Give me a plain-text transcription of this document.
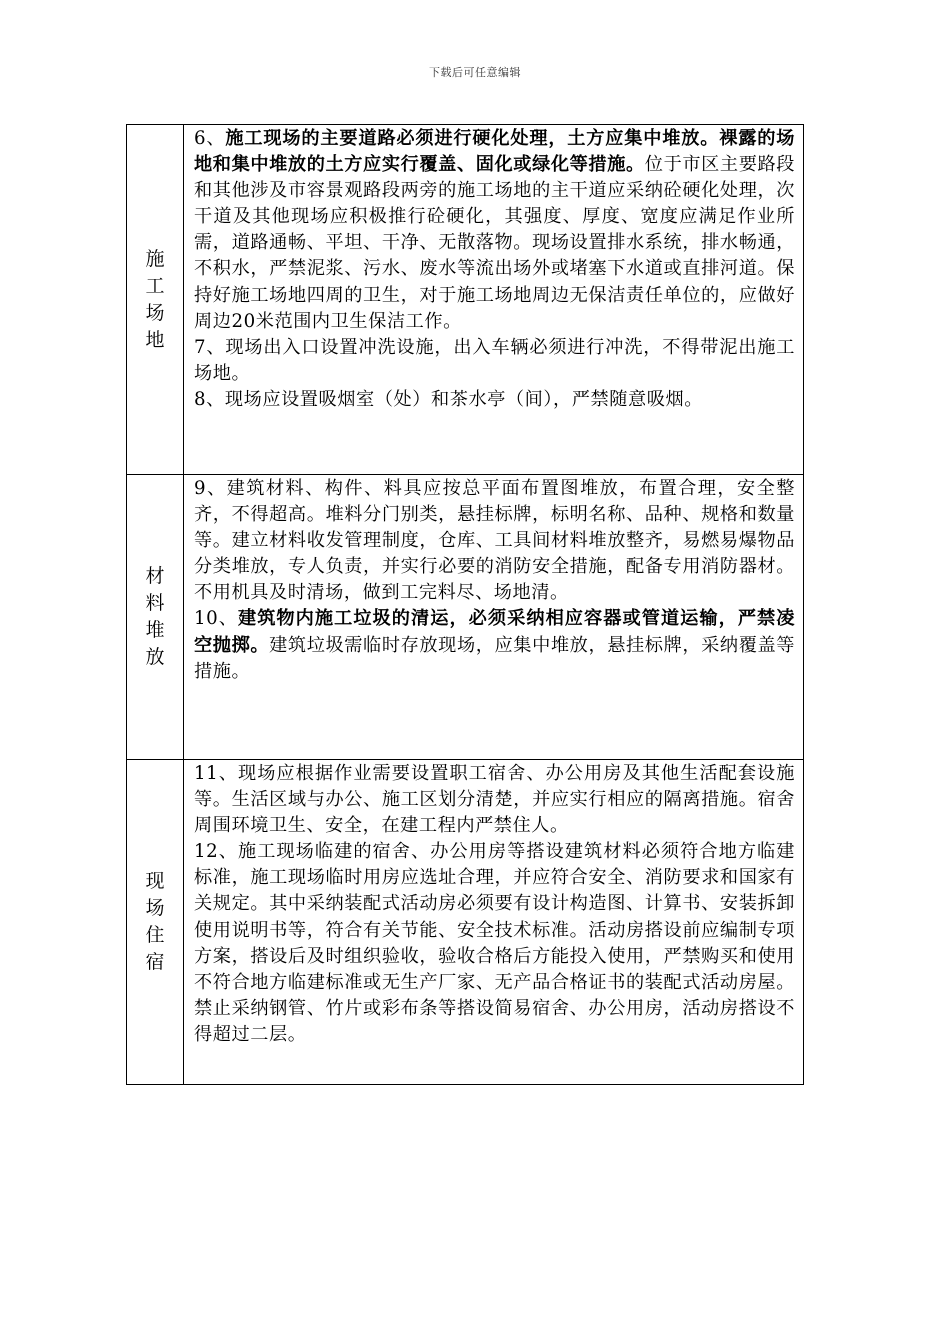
下载后可任意编辑
施工场地	6、施工现场的主要道路必须进行硬化处理，土方应集中堆放。裸露的场地和集中堆放的土方应实行覆盖、固化或绿化等措施。位于市区主要路段和其他涉及市容景观路段两旁的施工场地的主干道应采纳砼硬化处理，次干道及其他现场应积极推行砼硬化，其强度、厚度、宽度应满足作业所需，道路通畅、平坦、干净、无散落物。现场设置排水系统，排水畅通，不积水，严禁泥浆、污水、废水等流出场外或堵塞下水道或直排河道。保持好施工场地四周的卫生，对于施工场地周边无保洁责任单位的，应做好周边20米范围内卫生保洁工作。

7、现场出入口设置冲洗设施，出入车辆必须进行冲洗，不得带泥出施工场地。

8、现场应设置吸烟室（处）和茶水亭（间），严禁随意吸烟。

材料堆放	9、建筑材料、构件、料具应按总平面布置图堆放，布置合理，安全整齐，不得超高。堆料分门别类，悬挂标牌，标明名称、品种、规格和数量等。建立材料收发管理制度，仓库、工具间材料堆放整齐，易燃易爆物品分类堆放，专人负责，并实行必要的消防安全措施，配备专用消防器材。不用机具及时清场，做到工完料尽、场地清。

10、建筑物内施工垃圾的清运，必须采纳相应容器或管道运输，严禁凌空抛掷。建筑垃圾需临时存放现场，应集中堆放，悬挂标牌，采纳覆盖等措施。

现场住宿	11、现场应根据作业需要设置职工宿舍、办公用房及其他生活配套设施等。生活区域与办公、施工区划分清楚，并应实行相应的隔离措施。宿舍周围环境卫生、安全，在建工程内严禁住人。

12、施工现场临建的宿舍、办公用房等搭设建筑材料必须符合地方临建标准，施工现场临时用房应选址合理，并应符合安全、消防要求和国家有关规定。其中采纳装配式活动房必须要有设计构造图、计算书、安装拆卸使用说明书等，符合有关节能、安全技术标准。活动房搭设前应编制专项方案，搭设后及时组织验收，验收合格后方能投入使用，严禁购买和使用不符合地方临建标准或无生产厂家、无产品合格证书的装配式活动房屋。禁止采纳钢管、竹片或彩布条等搭设简易宿舍、办公用房，活动房搭设不得超过二层。
